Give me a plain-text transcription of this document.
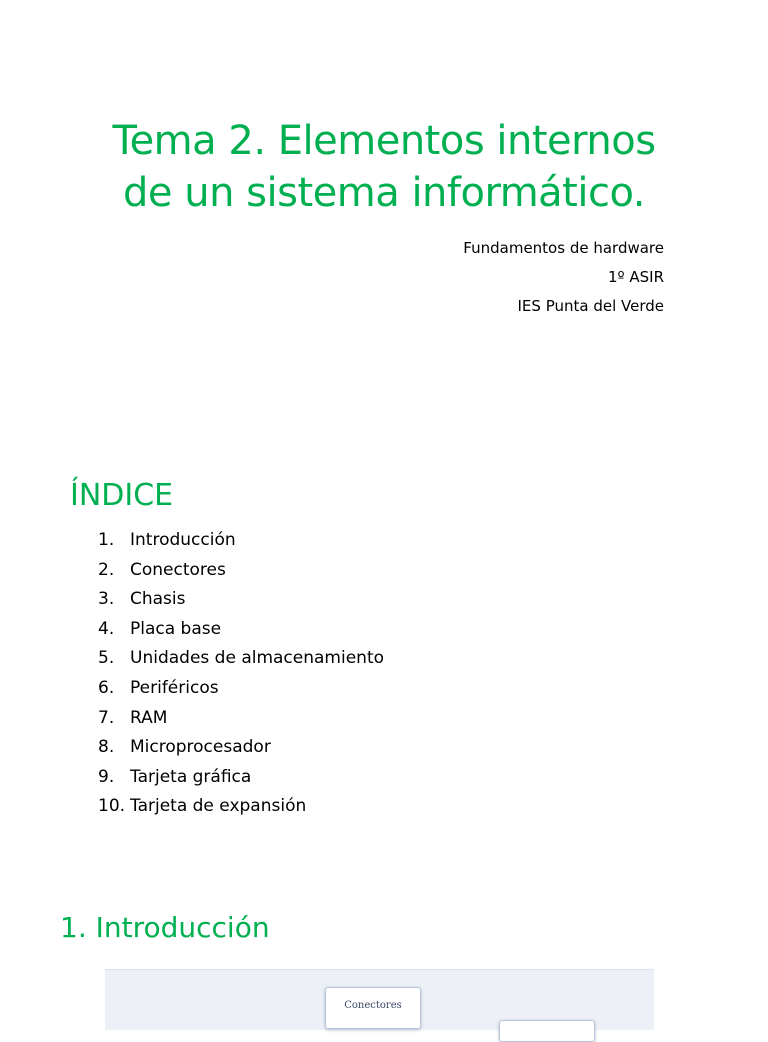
Tema 2. Elementos internos
de un sistema informático.
Fundamentos de hardware
1º ASIR
IES Punta del Verde
ÍNDICE
1. Introducción
2. Conectores
3. Chasis
4. Placa base
5. Unidades de almacenamiento
6. Periféricos
7. RAM
8. Microprocesador
9. Tarjeta gráfica
10. Tarjeta de expansión
1. Introducción
Conectores
